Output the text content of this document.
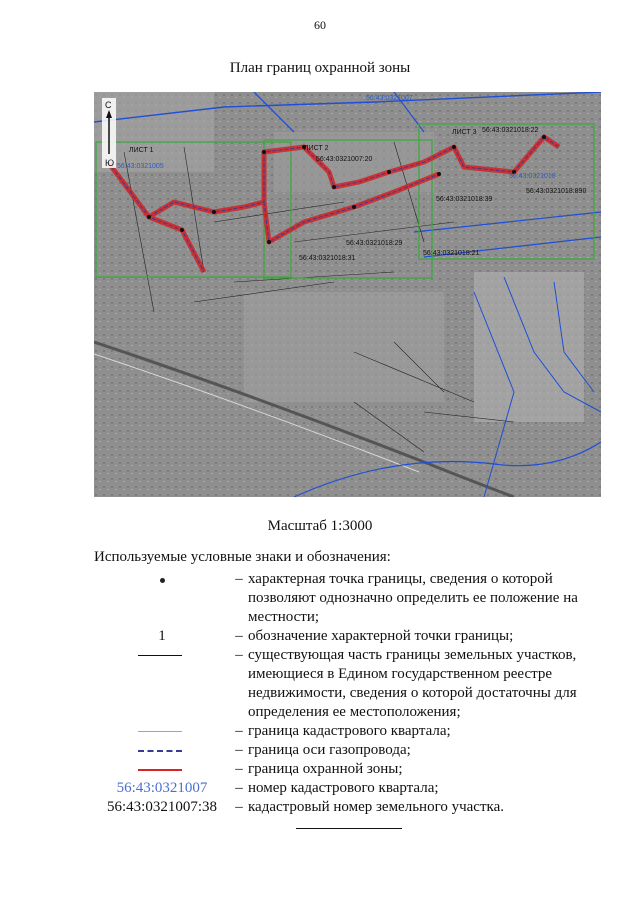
60
План границ охранной зоны
С
Ю
56:43:0321007
56:43:0321005
56:43:0321018
ЛИСТ 1	ЛИСТ 2
ЛИСТ 3
56:43:0321007:20
56:43:0321018:22
56:43:0321018:890
56:43:0321018:39
56:43:0321018:29
56:43:0321018:31
56:43:0321018:21
Масштаб 1:3000
Используемые условные знаки и обозначения:
– характерная точка границы, сведения о которой позволяют однозначно определить ее положение на местности;
1	– обозначение характерной точки границы;
– существующая часть границы земельных участков, имеющиеся в Едином государственном реестре недвижимости, сведения о которой достаточны для определения ее местоположения;
– граница кадастрового квартала;
– граница оси газопровода;
– граница охранной зоны;
56:43:0321007	– номер кадастрового квартала;
56:43:0321007:38	– кадастровый номер земельного участка.
